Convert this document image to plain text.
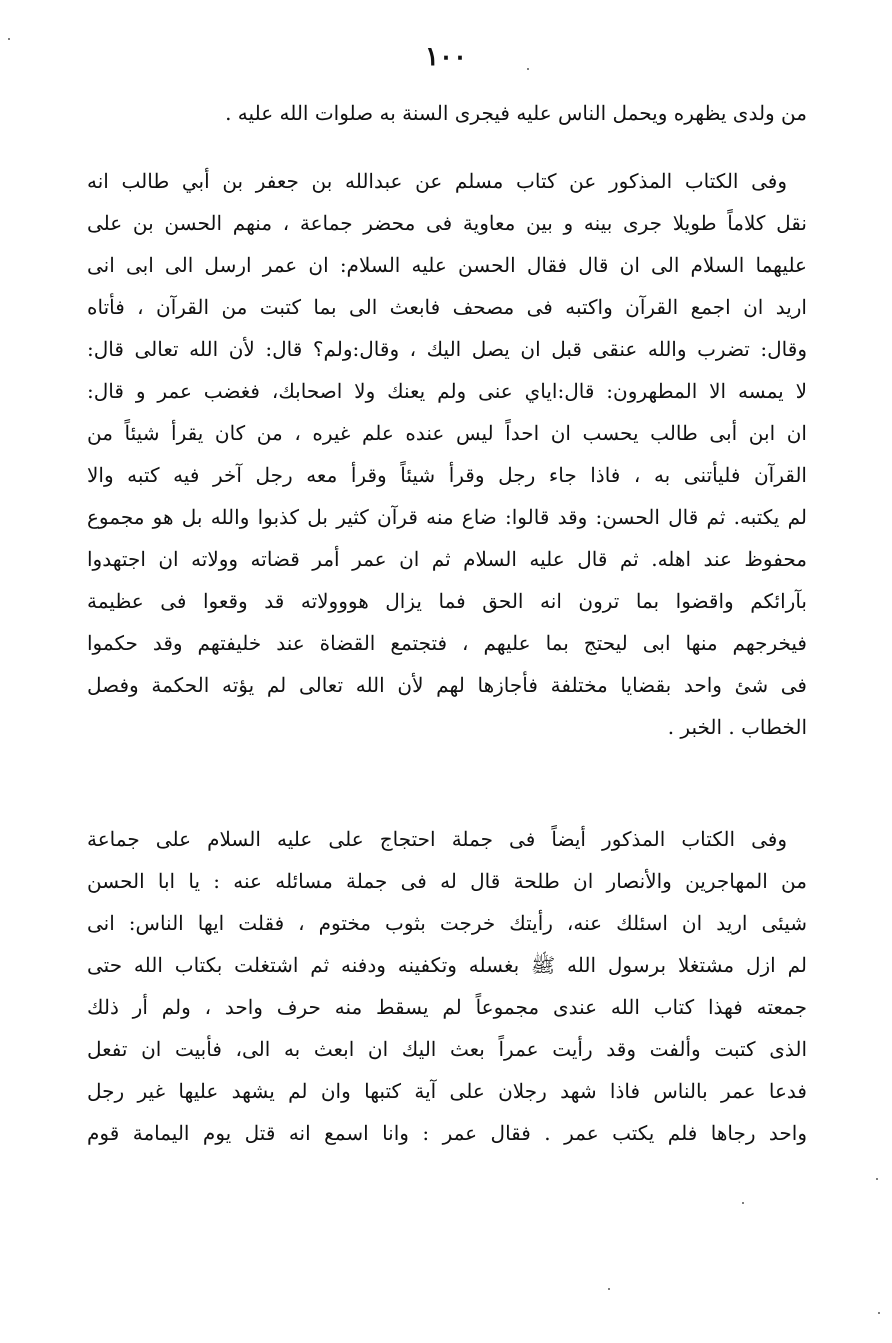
١٠٠
من ولدى يظهره ويحمل الناس عليه فيجرى السنة به صلوات الله عليه .
وفى الكتاب المذكور عن كتاب مسلم عن عبدالله بن جعفر بن أبي طالب انه
نقل كلاماً طويلا جرى بينه و بين معاوية فى محضر جماعة ، منهم الحسن بن على
عليهما السلام الى ان قال فقال الحسن عليه السلام: ان عمر ارسل الى ابى انى
اريد ان اجمع القرآن واكتبه فى مصحف فابعث الى بما كتبت من القرآن ، فأتاه
وقال: تضرب والله عنقى قبل ان يصل اليك ، وقال:ولم؟ قال: لأن الله تعالى قال:
لا يمسه الا المطهرون: قال:اياي عنى ولم يعنك ولا اصحابك، فغضب عمر و قال:
ان ابن أبى طالب يحسب ان احداً ليس عنده علم غيره ، من كان يقرأ شيئاً من
القرآن فليأتنى به ، فاذا جاء رجل وقرأ شيئاً وقرأ معه رجل آخر فيه كتبه والا
لم يكتبه. ثم قال الحسن: وقد قالوا: ضاع منه قرآن كثير بل كذبوا والله بل هو مجموع
محفوظ عند اهله. ثم قال عليه السلام ثم ان عمر أمر قضاته وولاته ان اجتهدوا
بآرائكم واقضوا بما ترون انه الحق فما يزال هووولاته قد وقعوا فى عظيمة
فيخرجهم منها ابى ليحتج بما عليهم ، فتجتمع القضاة عند خليفتهم وقد حكموا
فى شئ واحد بقضايا مختلفة فأجازها لهم لأن الله تعالى لم يؤته الحكمة وفصل
الخطاب . الخبر .
وفى الكتاب المذكور أيضاً فى جملة احتجاج على عليه السلام على جماعة
من المهاجرين والأنصار ان طلحة قال له فى جملة مسائله عنه : يا ابا الحسن
شيئى اريد ان اسئلك عنه، رأيتك خرجت بثوب مختوم ، فقلت ايها الناس: انى
لم ازل مشتغلا برسول الله ﷺ بغسله وتكفينه ودفنه ثم اشتغلت بكتاب الله حتى
جمعته فهذا كتاب الله عندى مجموعاً لم يسقط منه حرف واحد ، ولم أر ذلك
الذى كتبت وألفت وقد رأيت عمراً بعث اليك ان ابعث به الى، فأبيت ان تفعل
فدعا عمر بالناس فاذا شهد رجلان على آية كتبها وان لم يشهد عليها غير رجل
واحد رجاها فلم يكتب عمر . فقال عمر : وانا اسمع انه قتل يوم اليمامة قوم
